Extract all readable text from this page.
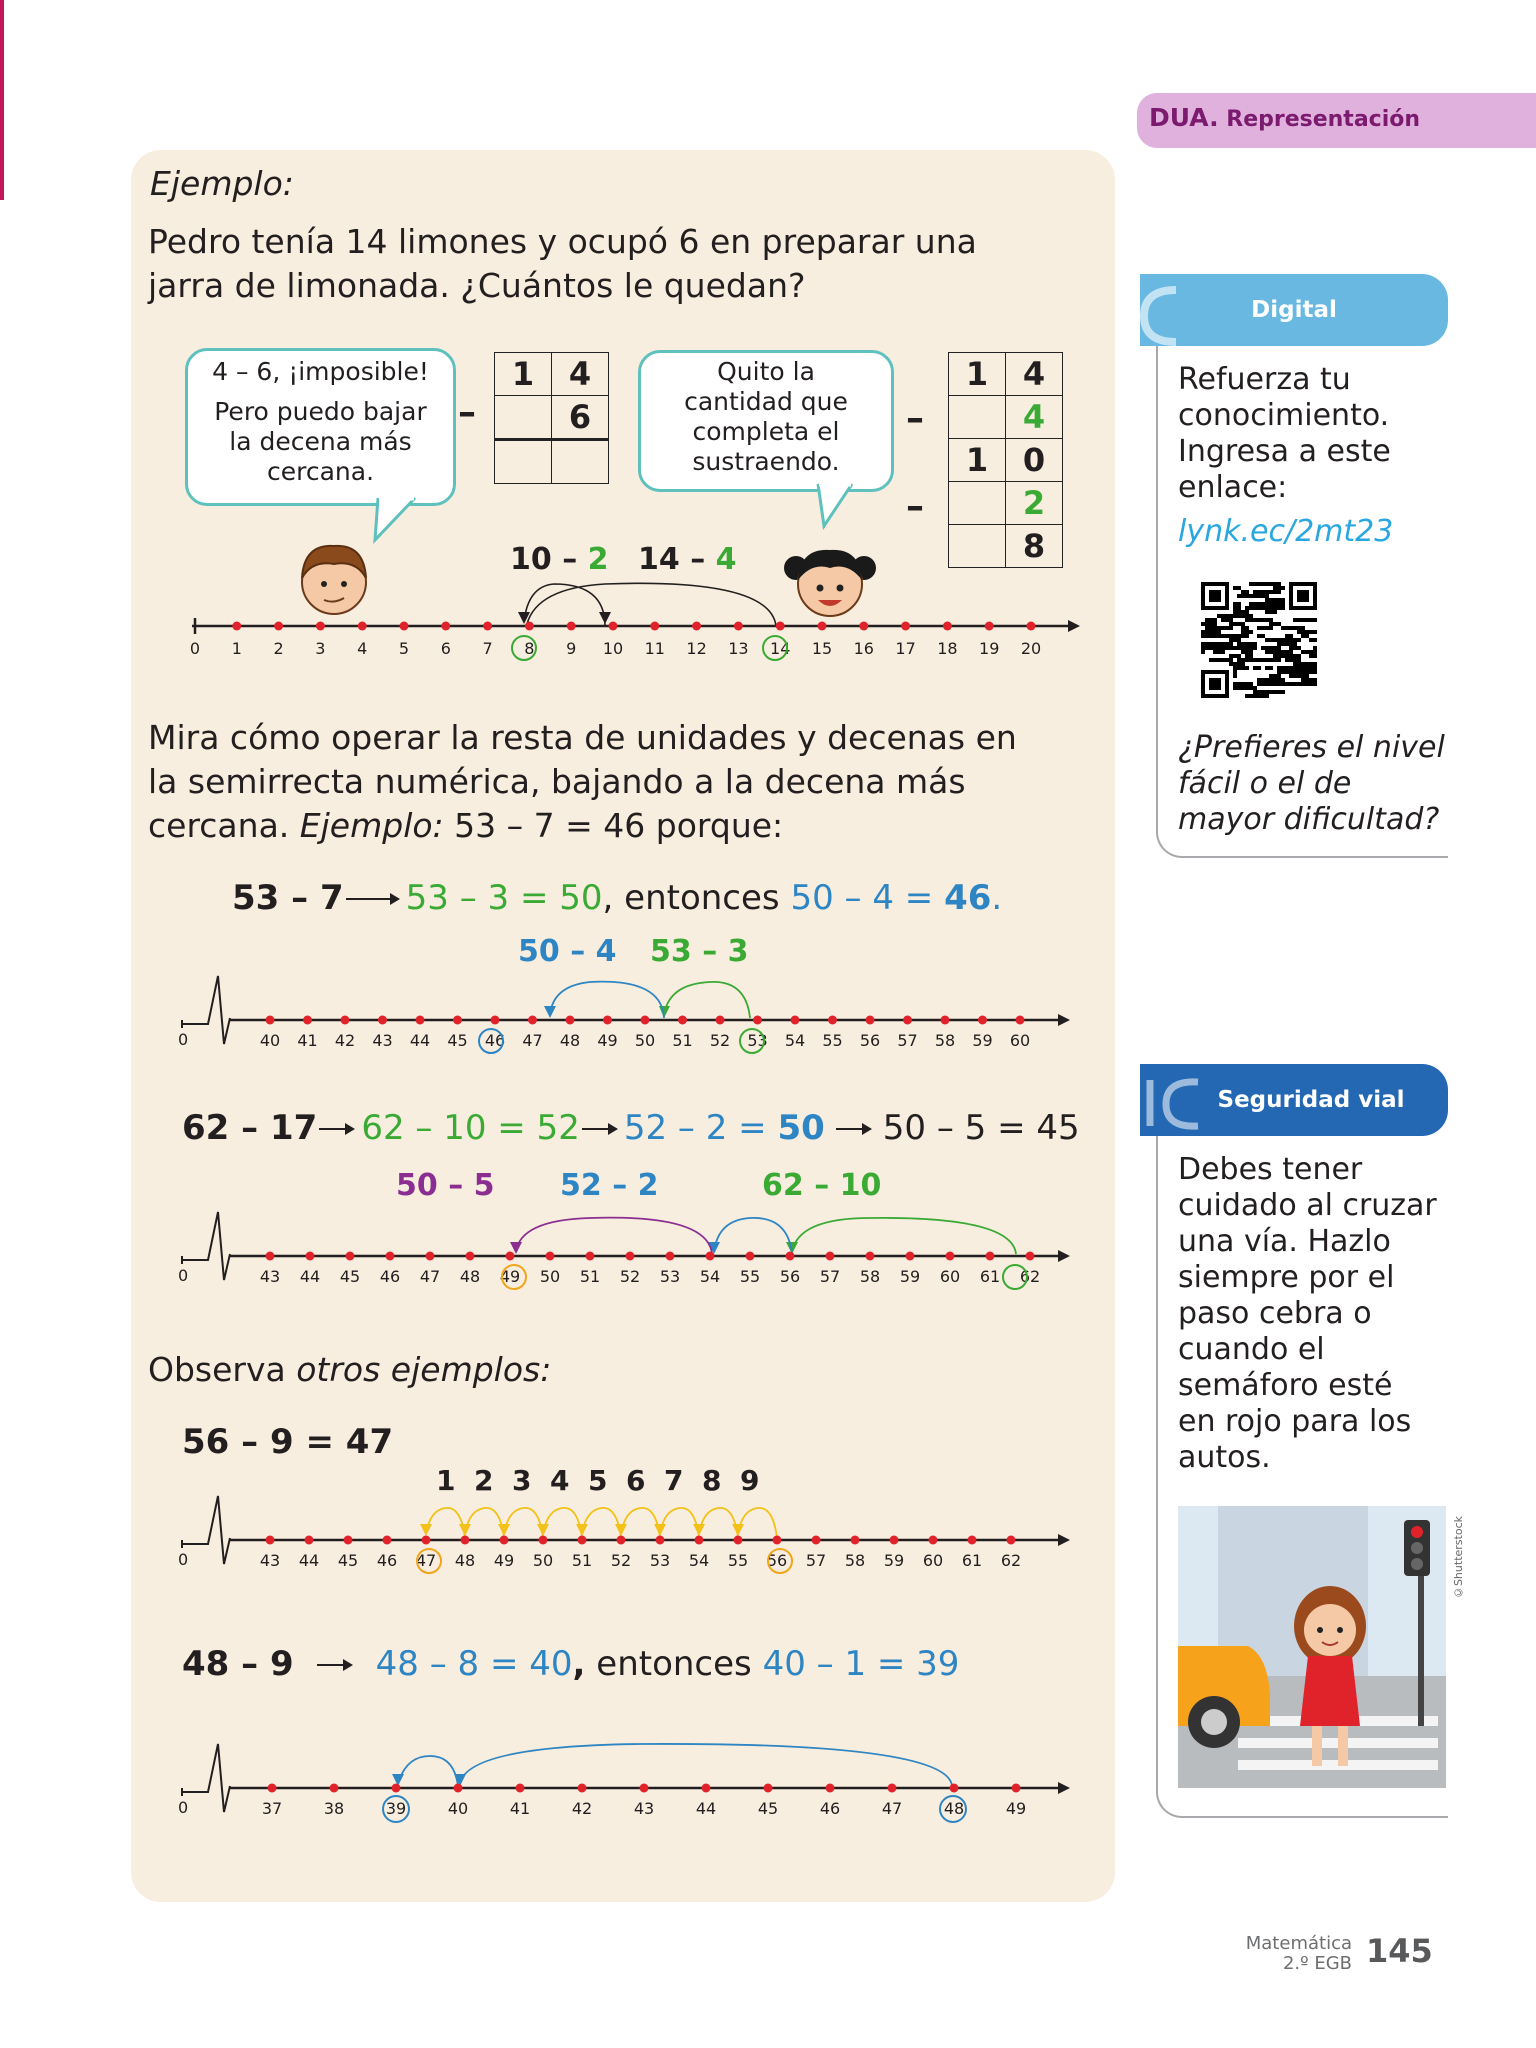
DUA. Representación
Ejemplo:
Pedro tenía 14 limones y ocupó 6 en preparar una
jarra de limonada. ¿Cuántos le quedan?
4 – 6, ¡imposible!
Pero puedo bajar
la decena más
cercana.
–
1	4
	6

Quito la
cantidad que
completa el
sustraendo.
–
–
1	4
	4
1	0
	2
	8
10 – 2 14 – 4
0 1 2 3 4 5 6 7 8 9 10 11 12 13 14 15 16 17 18 19 20
Mira cómo operar la resta de unidades y decenas en
la semirrecta numérica, bajando a la decena más
cercana. Ejemplo: 53 – 7 = 46 porque:
53 – 7 53 – 3 = 50, entonces 50 – 4 = 46.
50 – 4 53 – 3
40 41 42 43 44 45 46 47 48 49 50 51 52 53 54 55 56 57 58 59 60
0
62 – 17 62 – 10 = 52 52 – 2 = 50 50 – 5 = 45
50 – 5 52 – 2	62 – 10
43 44 45 46 47 48 49 50 51 52 53 54 55 56 57 58 59 60 61 62
0
Observa otros ejemplos:
56 – 9 = 47
1 2 3 4 5 6 7 8 9
43 44 45 46 47 48 49 50 51 52 53 54 55 56 57 58 59 60 61 62
0
48 – 9 48 – 8 = 40, entonces 40 – 1 = 39
37	38	39	40	41	42	43	44	45	46	47	48	49
0
Digital
Refuerza tu
conocimiento.
Ingresa a este
enlace:
lynk.ec/2mt23
¿Prefieres el nivel
fácil o el de
mayor dificultad?
Seguridad vial
Debes tener
cuidado al cruzar
una vía. Hazlo
siempre por el
paso cebra o
cuando el
semáforo esté
en rojo para los
autos.
©Shutterstock
Matemática
2.º EGB 145
